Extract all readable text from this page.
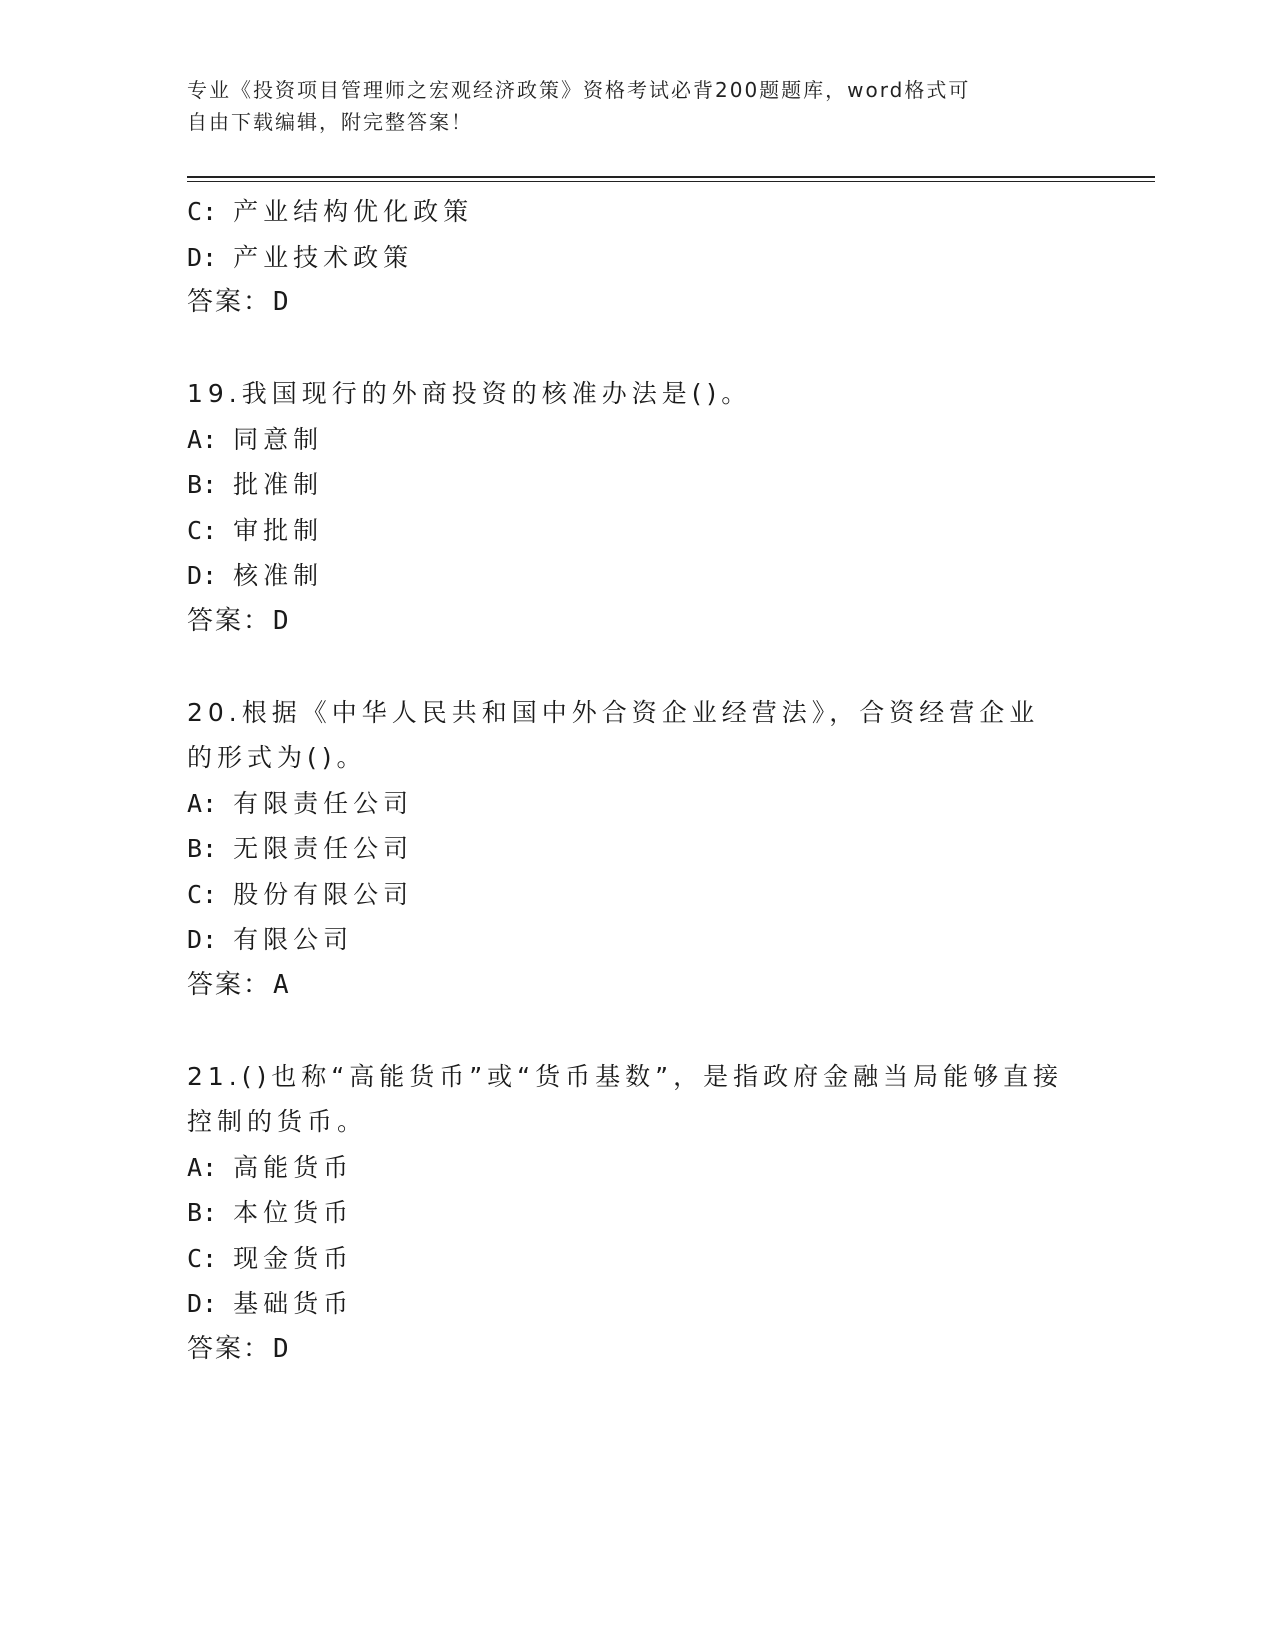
专业《投资项目管理师之宏观经济政策》资格考试必背200题题库，word格式可
自由下载编辑，附完整答案！
C: 产业结构优化政策
D: 产业技术政策
答案：D
19.我国现行的外商投资的核准办法是()。
A: 同意制
B: 批准制
C: 审批制
D: 核准制
答案：D
20.根据《中华人民共和国中外合资企业经营法》，合资经营企业的形式为()。
A: 有限责任公司
B: 无限责任公司
C: 股份有限公司
D: 有限公司
答案：A
21.()也称“高能货币”或“货币基数”，是指政府金融当局能够直接控制的货币。
A: 高能货币
B: 本位货币
C: 现金货币
D: 基础货币
答案：D
